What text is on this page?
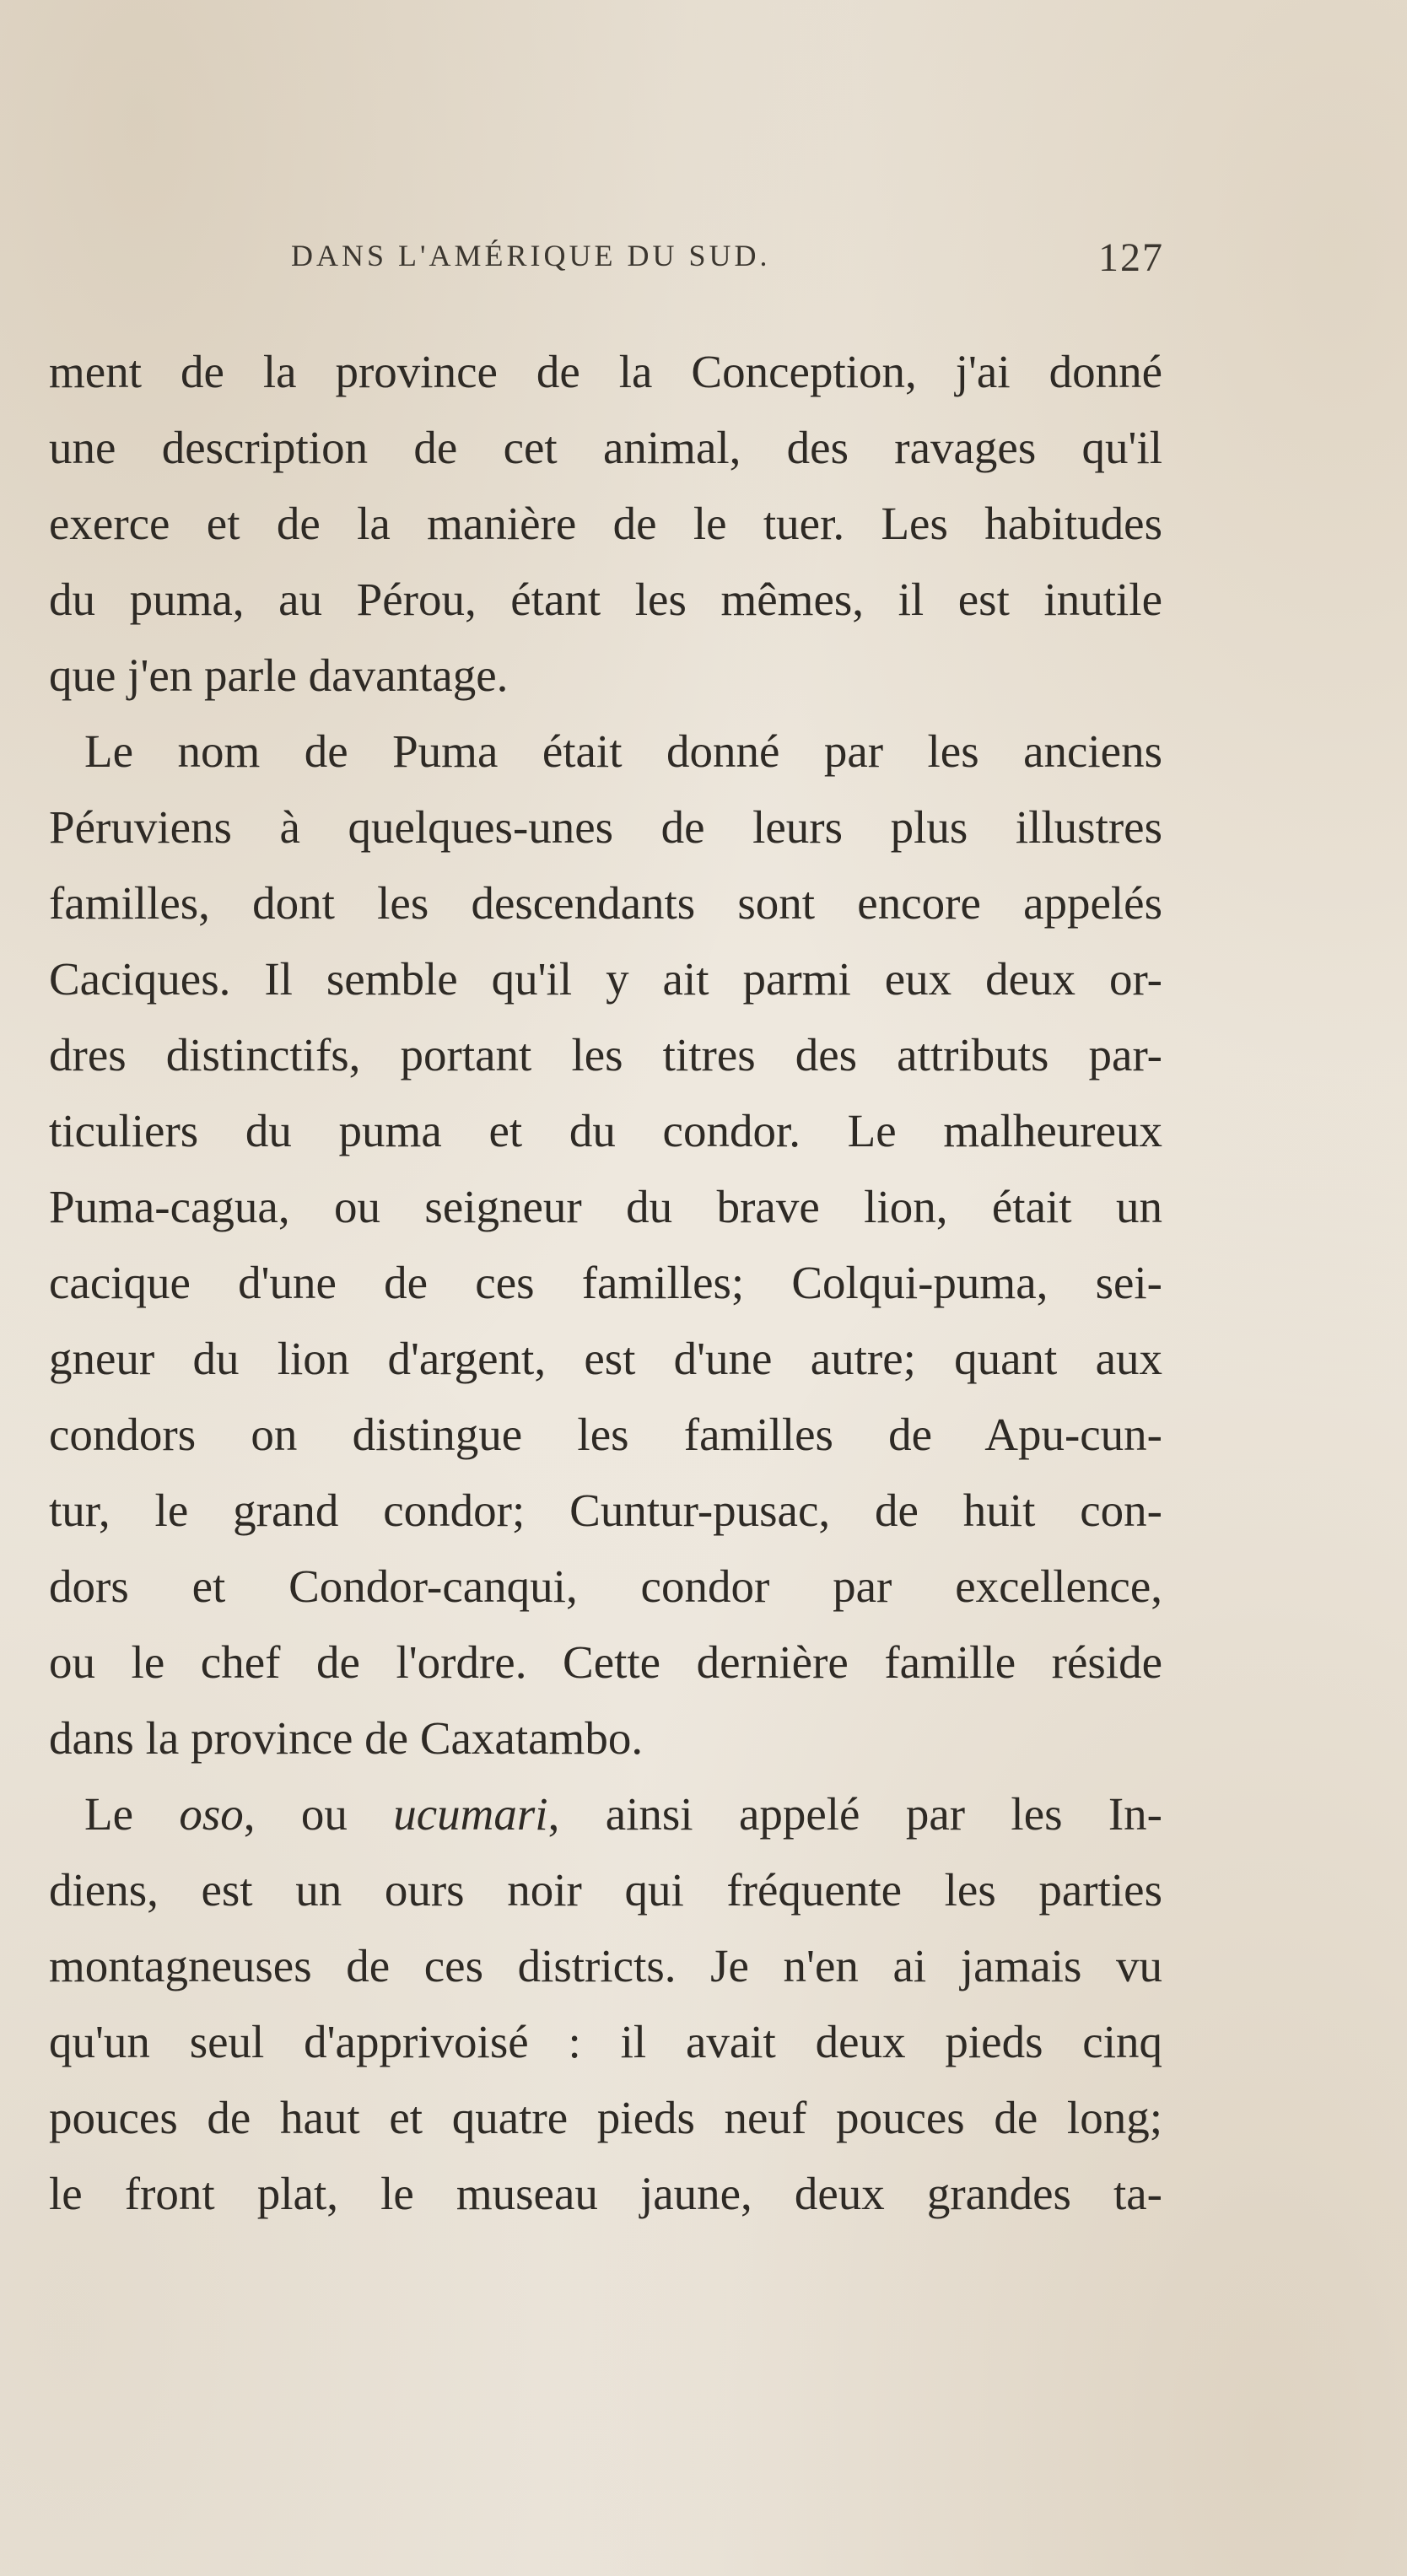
DANS L'AMÉRIQUE DU SUD.	127
ment de la province de la Conception, j'ai donné
une description de cet animal, des ravages qu'il
exerce et de la manière de le tuer. Les habitudes
du puma, au Pérou, étant les mêmes, il est inutile
que j'en parle davantage.
Le nom de Puma était donné par les anciens
Péruviens à quelques-unes de leurs plus illustres
familles, dont les descendants sont encore appelés
Caciques. Il semble qu'il y ait parmi eux deux or-
dres distinctifs, portant les titres des attributs par-
ticuliers du puma et du condor. Le malheureux
Puma-cagua, ou seigneur du brave lion, était un
cacique d'une de ces familles; Colqui-puma, sei-
gneur du lion d'argent, est d'une autre; quant aux
condors on distingue les familles de Apu-cun-
tur, le grand condor; Cuntur-pusac, de huit con-
dors et Condor-canqui, condor par excellence,
ou le chef de l'ordre. Cette dernière famille réside
dans la province de Caxatambo.
Le oso, ou ucumari, ainsi appelé par les In-
diens, est un ours noir qui fréquente les parties
montagneuses de ces districts. Je n'en ai jamais vu
qu'un seul d'apprivoisé : il avait deux pieds cinq
pouces de haut et quatre pieds neuf pouces de long;
le front plat, le museau jaune, deux grandes ta-
